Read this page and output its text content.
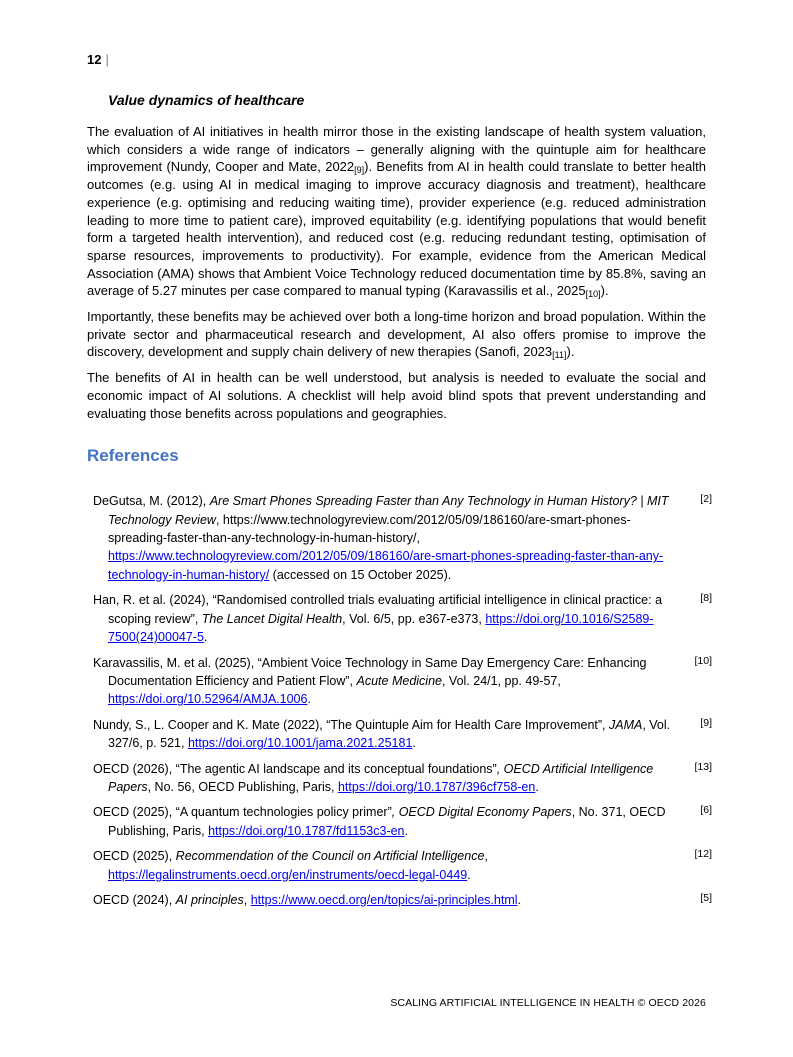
12 |
Value dynamics of healthcare

The evaluation of AI initiatives in health mirror those in the existing landscape of health system valuation, which considers a wide range of indicators – generally aligning with the quintuple aim for healthcare improvement (Nundy, Cooper and Mate, 2022[9]). Benefits from AI in health could translate to better health outcomes (e.g. using AI in medical imaging to improve accuracy diagnosis and treatment), healthcare experience (e.g. optimising and reducing waiting time), provider experience (e.g. reduced administration leading to more time to patient care), improved equitability (e.g. identifying populations that would benefit form a targeted health intervention), and reduced cost (e.g. reducing redundant testing, optimisation of sparse resources, improvements to productivity). For example, evidence from the American Medical Association (AMA) shows that Ambient Voice Technology reduced documentation time by 85.8%, saving an average of 5.27 minutes per case compared to manual typing (Karavassilis et al., 2025[10]).

Importantly, these benefits may be achieved over both a long-time horizon and broad population. Within the private sector and pharmaceutical research and development, AI also offers promise to improve the discovery, development and supply chain delivery of new therapies (Sanofi, 2023[11]).

The benefits of AI in health can be well understood, but analysis is needed to evaluate the social and economic impact of AI solutions. A checklist will help avoid blind spots that prevent understanding and evaluating those benefits across populations and geographies.

References
DeGutsa, M. (2012), Are Smart Phones Spreading Faster than Any Technology in Human History? | MIT Technology Review, https://www.technologyreview.com/2012/05/09/186160/are-smart-phones-spreading-faster-than-any-technology-in-human-history/, https://www.technologyreview.com/2012/05/09/186160/are-smart-phones-spreading-faster-than-any-technology-in-human-history/ (accessed on 15 October 2025).
[2]
Han, R. et al. (2024), “Randomised controlled trials evaluating artificial intelligence in clinical practice: a scoping review”, The Lancet Digital Health, Vol. 6/5, pp. e367-e373, https://doi.org/10.1016/S2589-7500(24)00047-5.
[8]
Karavassilis, M. et al. (2025), “Ambient Voice Technology in Same Day Emergency Care: Enhancing Documentation Efficiency and Patient Flow”, Acute Medicine, Vol. 24/1, pp. 49-57, https://doi.org/10.52964/AMJA.1006.
[10]
Nundy, S., L. Cooper and K. Mate (2022), “The Quintuple Aim for Health Care Improvement”, JAMA, Vol. 327/6, p. 521, https://doi.org/10.1001/jama.2021.25181.
[9]
OECD (2026), “The agentic AI landscape and its conceptual foundations”, OECD Artificial Intelligence Papers, No. 56, OECD Publishing, Paris, https://doi.org/10.1787/396cf758-en.
[13]
OECD (2025), “A quantum technologies policy primer”, OECD Digital Economy Papers, No. 371, OECD Publishing, Paris, https://doi.org/10.1787/fd1153c3-en.
[6]
OECD (2025), Recommendation of the Council on Artificial Intelligence, https://legalinstruments.oecd.org/en/instruments/oecd-legal-0449.
[12]
OECD (2024), AI principles, https://www.oecd.org/en/topics/ai-principles.html.	[5]
SCALING ARTIFICIAL INTELLIGENCE IN HEALTH © OECD 2026
